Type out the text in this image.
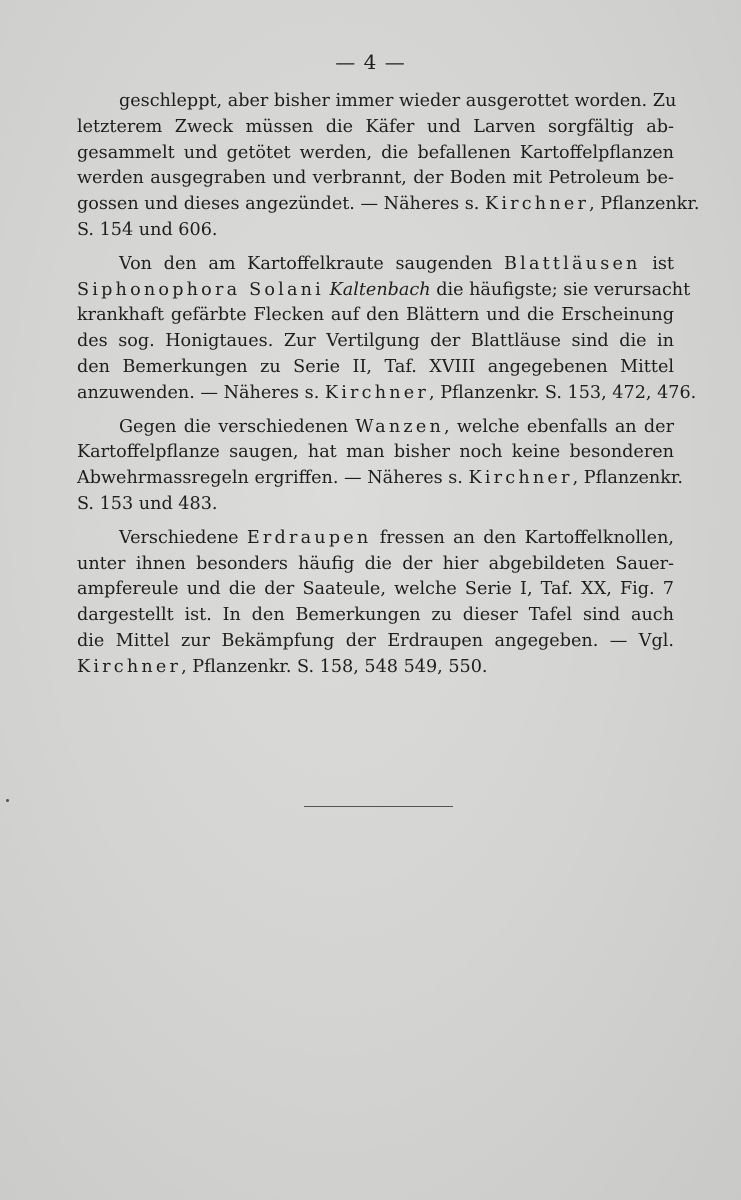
— 4 —
geschleppt, aber bisher immer wieder ausgerottet worden. Zu
letzterem Zweck müssen die Käfer und Larven sorgfältig ab-
gesammelt und getötet werden, die befallenen Kartoffelpflanzen
werden ausgegraben und verbrannt, der Boden mit Petroleum be-
gossen und dieses angezündet. — Näheres s. Kirchner, Pflanzenkr.
S. 154 und 606.
Von den am Kartoffelkraute saugenden Blattläusen ist
Siphonophora Solani Kaltenbach die häufigste; sie verursacht
krankhaft gefärbte Flecken auf den Blättern und die Erscheinung
des sog. Honigtaues. Zur Vertilgung der Blattläuse sind die in
den Bemerkungen zu Serie II, Taf. XVIII angegebenen Mittel
anzuwenden. — Näheres s. Kirchner, Pflanzenkr. S. 153, 472, 476.
Gegen die verschiedenen Wanzen, welche ebenfalls an der
Kartoffelpflanze saugen, hat man bisher noch keine besonderen
Abwehrmassregeln ergriffen. — Näheres s. Kirchner, Pflanzenkr.
S. 153 und 483.
Verschiedene Erdraupen fressen an den Kartoffelknollen,
unter ihnen besonders häufig die der hier abgebildeten Sauer-
ampfereule und die der Saateule, welche Serie I, Taf. XX, Fig. 7
dargestellt ist. In den Bemerkungen zu dieser Tafel sind auch
die Mittel zur Bekämpfung der Erdraupen angegeben. — Vgl.
Kirchner, Pflanzenkr. S. 158, 548 549, 550.
